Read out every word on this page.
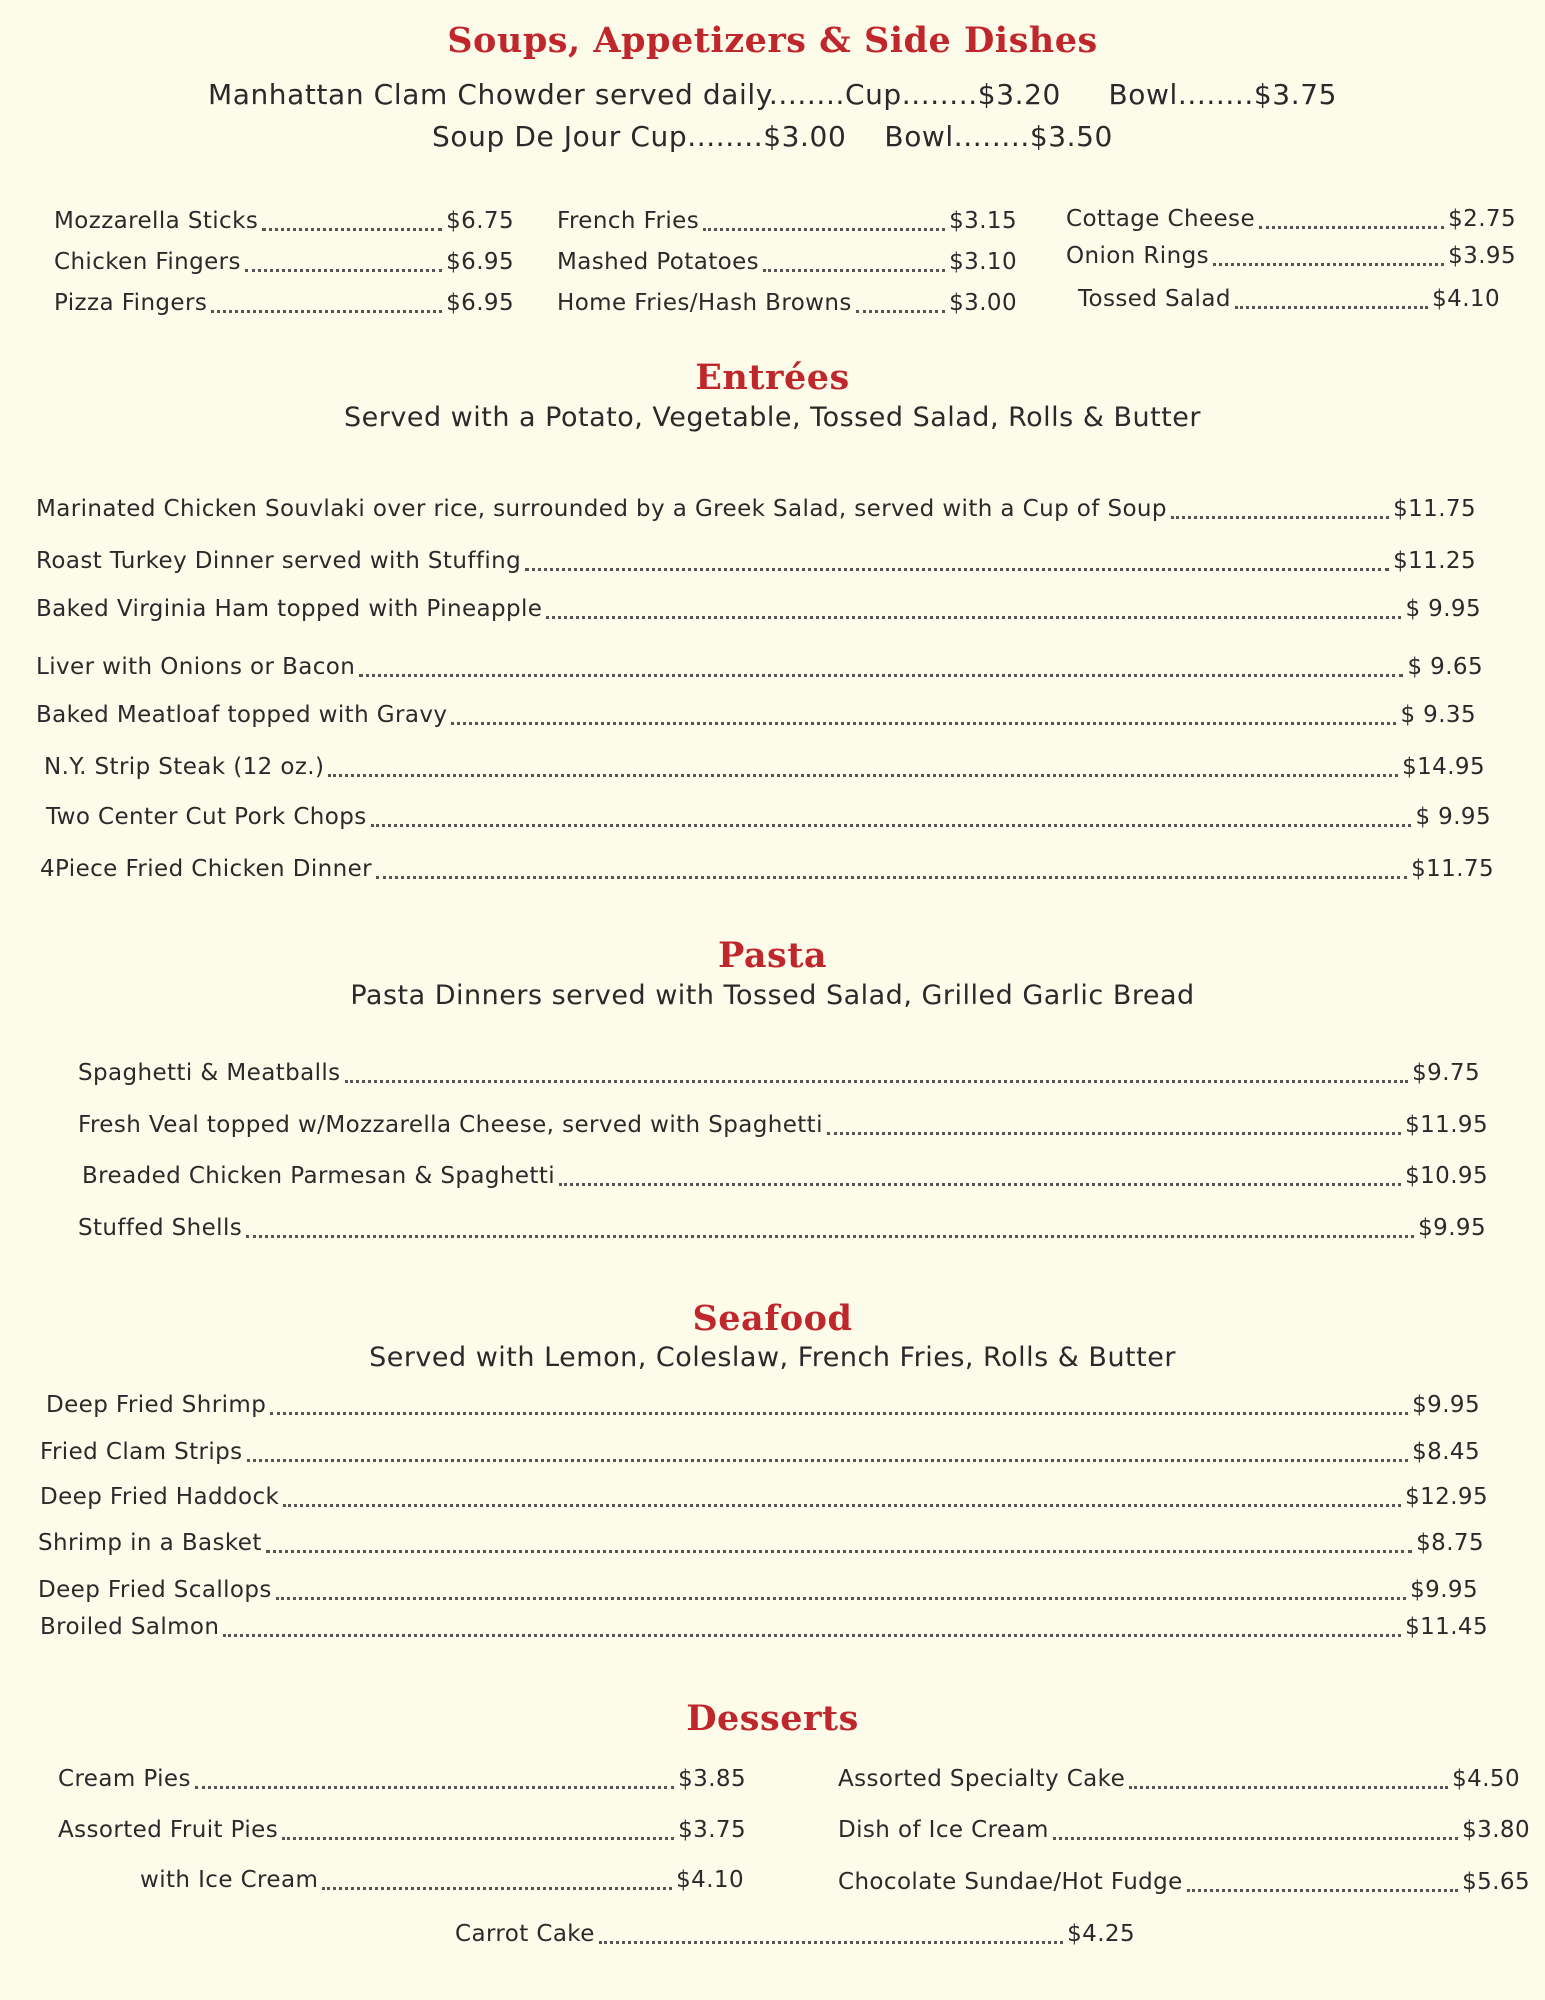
Soups, Appetizers & Side Dishes
Manhattan Clam Chowder served daily........Cup........$3.20     Bowl........$3.75
Soup De Jour Cup........$3.00    Bowl........$3.50
Mozzarella Sticks	$6.75
Chicken Fingers	$6.95
Pizza Fingers	$6.95
French Fries	$3.15
Mashed Potatoes	$3.10
Home Fries/Hash Browns	$3.00
Cottage Cheese	$2.75
Onion Rings	$3.95
Tossed Salad	$4.10
Entrées
Served with a Potato, Vegetable, Tossed Salad, Rolls & Butter
Marinated Chicken Souvlaki over rice, surrounded by a Greek Salad, served with a Cup of Soup	$11.75
Roast Turkey Dinner served with Stuffing	$11.25
Baked Virginia Ham topped with Pineapple	$ 9.95
Liver with Onions or Bacon	$ 9.65
Baked Meatloaf topped with Gravy	$ 9.35
N.Y. Strip Steak (12 oz.)	$14.95
Two Center Cut Pork Chops	$ 9.95
4Piece Fried Chicken Dinner	$11.75
Pasta
Pasta Dinners served with Tossed Salad, Grilled Garlic Bread
Spaghetti & Meatballs	$9.75
Fresh Veal topped w/Mozzarella Cheese, served with Spaghetti	$11.95
Breaded Chicken Parmesan & Spaghetti	$10.95
Stuffed Shells	$9.95
Seafood
Served with Lemon, Coleslaw, French Fries, Rolls & Butter
Deep Fried Shrimp	$9.95
Fried Clam Strips	$8.45
Deep Fried Haddock	$12.95
Shrimp in a Basket	$8.75
Deep Fried Scallops	$9.95
Broiled Salmon	$11.45
Desserts
Cream Pies	$3.85
Assorted Fruit Pies	$3.75
with Ice Cream	$4.10
Assorted Specialty Cake	$4.50
Dish of Ice Cream	$3.80
Chocolate Sundae/Hot Fudge	$5.65
Carrot Cake	$4.25
